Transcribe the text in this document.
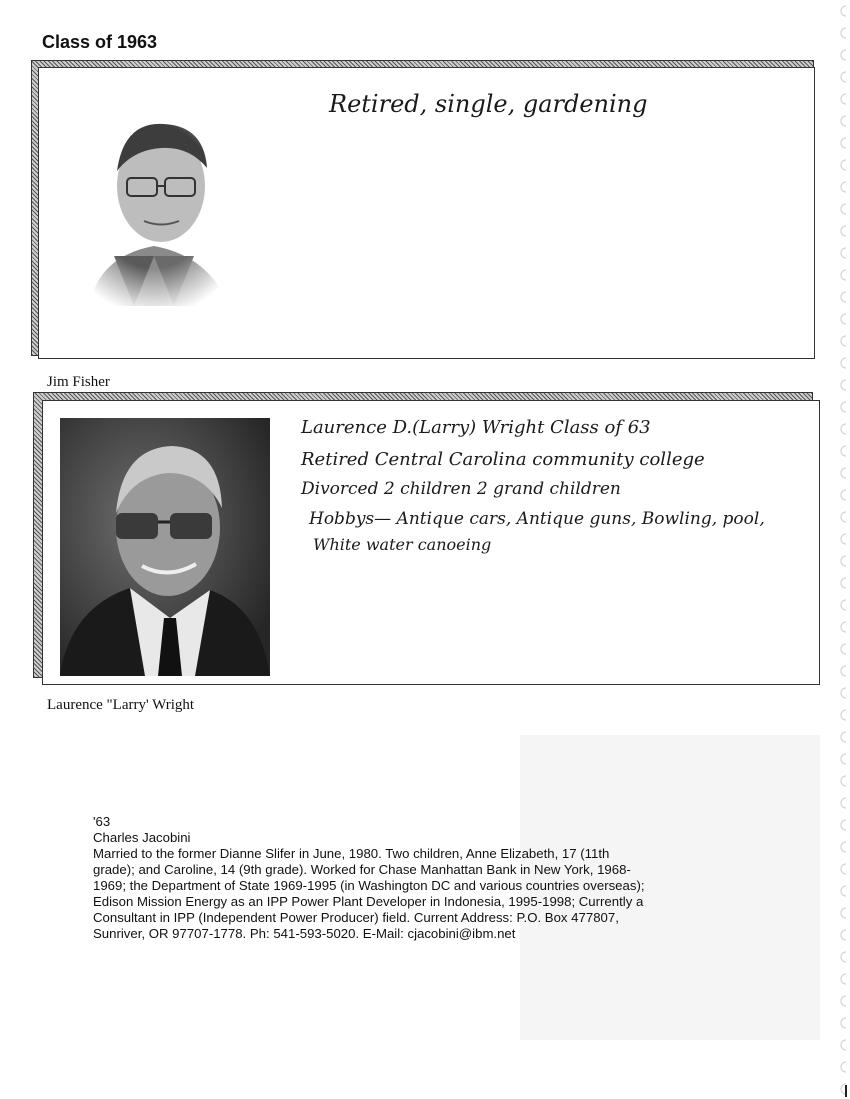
Class of 1963
Retired, single, gardening
Jim Fisher
Laurence D.(Larry) Wright Class of 63
Retired Central Carolina community college
Divorced 2 children 2 grand children
Hobbys— Antique cars, Antique guns, Bowling, pool,
White water canoeing
Laurence "Larry' Wright

'63

Charles Jacobini

Married to the former Dianne Slifer in June, 1980. Two children, Anne Elizabeth, 17 (11th

grade); and Caroline, 14 (9th grade). Worked for Chase Manhattan Bank in New York, 1968-

1969; the Department of State 1969-1995 (in Washington DC and various countries overseas);

Edison Mission Energy as an IPP Power Plant Developer in Indonesia, 1995-1998; Currently a

Consultant in IPP (Independent Power Producer) field. Current Address: P.O. Box 477807,

Sunriver, OR 97707-1778. Ph: 541-593-5020. E-Mail: cjacobini@ibm.net
